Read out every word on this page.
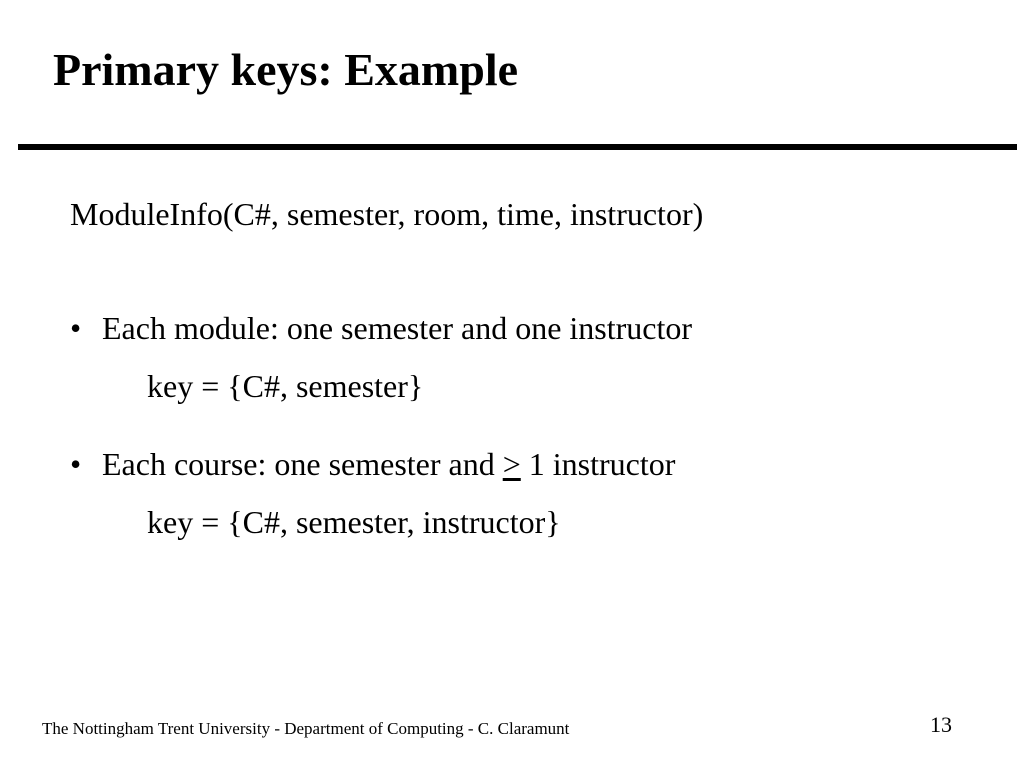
Primary keys: Example
ModuleInfo(C#, semester, room, time, instructor)
• Each module: one semester and one instructor
key = {C#, semester}
• Each course: one semester and ≥ 1 instructor
key = {C#, semester, instructor}
The Nottingham Trent University - Department of Computing - C. Claramunt	13
